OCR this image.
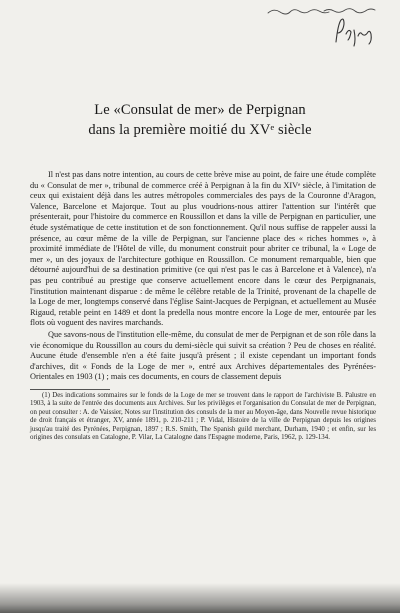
Le «Consulat de mer» de Perpignan
dans la première moitié du XVᵉ siècle

Il n'est pas dans notre intention, au cours de cette brève mise au point, de faire une étude complète du « Consulat de mer », tribunal de commerce créé à Perpignan à la fin du XIVᵉ siècle, à l'imitation de ceux qui existaient déjà dans les autres métropoles commerciales des pays de la Couronne d'Aragon, Valence, Barcelone et Majorque. Tout au plus voudrions-nous attirer l'attention sur l'intérêt que présenterait, pour l'histoire du commerce en Roussillon et dans la ville de Perpignan en particulier, une étude systématique de cette institution et de son fonctionnement. Qu'il nous suffise de rappeler aussi la présence, au cœur même de la ville de Perpignan, sur l'ancienne place des « riches hommes », à proximité immédiate de l'Hôtel de ville, du monument construit pour abriter ce tribunal, la « Loge de mer », un des joyaux de l'architecture gothique en Roussillon. Ce monument remarquable, bien que détourné aujourd'hui de sa destination primitive (ce qui n'est pas le cas à Barcelone et à Valence), n'a pas peu contribué au prestige que conserve actuellement encore dans le cœur des Perpignanais, l'institution maintenant disparue : de même le célèbre retable de la Trinité, provenant de la chapelle de la Loge de mer, longtemps conservé dans l'église Saint-Jacques de Perpignan, et actuellement au Musée Rigaud, retable peint en 1489 et dont la predella nous montre encore la Loge de mer, entourée par les flots où voguent des navires marchands.

Que savons-nous de l'institution elle-même, du consulat de mer de Perpignan et de son rôle dans la vie économique du Roussillon au cours du demi-siècle qui suivit sa création ? Peu de choses en réalité. Aucune étude d'ensemble n'en a été faite jusqu'à présent ; il existe cependant un important fonds d'archives, dit « Fonds de la Loge de mer », entré aux Archives départementales des Pyrénées-Orientales en 1903 (1) ; mais ces documents, en cours de classement depuis

(1) Des indications sommaires sur le fonds de la Loge de mer se trouvent dans le rapport de l'archiviste B. Palustre en 1903, à la suite de l'entrée des documents aux Archives. Sur les privilèges et l'organisation du Consulat de mer de Perpignan, on peut consulter : A. de Vaissier, Notes sur l'institution des consuls de la mer au Moyen-âge, dans Nouvelle revue historique de droit français et étranger, XV, année 1891, p. 210-211 ; P. Vidal, Histoire de la ville de Perpignan depuis les origines jusqu'au traité des Pyrénées, Perpignan, 1897 ; R.S. Smith, The Spanish guild merchant, Durham, 1940 ; et enfin, sur les origines des consulats en Catalogne, P. Vilar, La Catalogne dans l'Espagne moderne, Paris, 1962, p. 129-134.
